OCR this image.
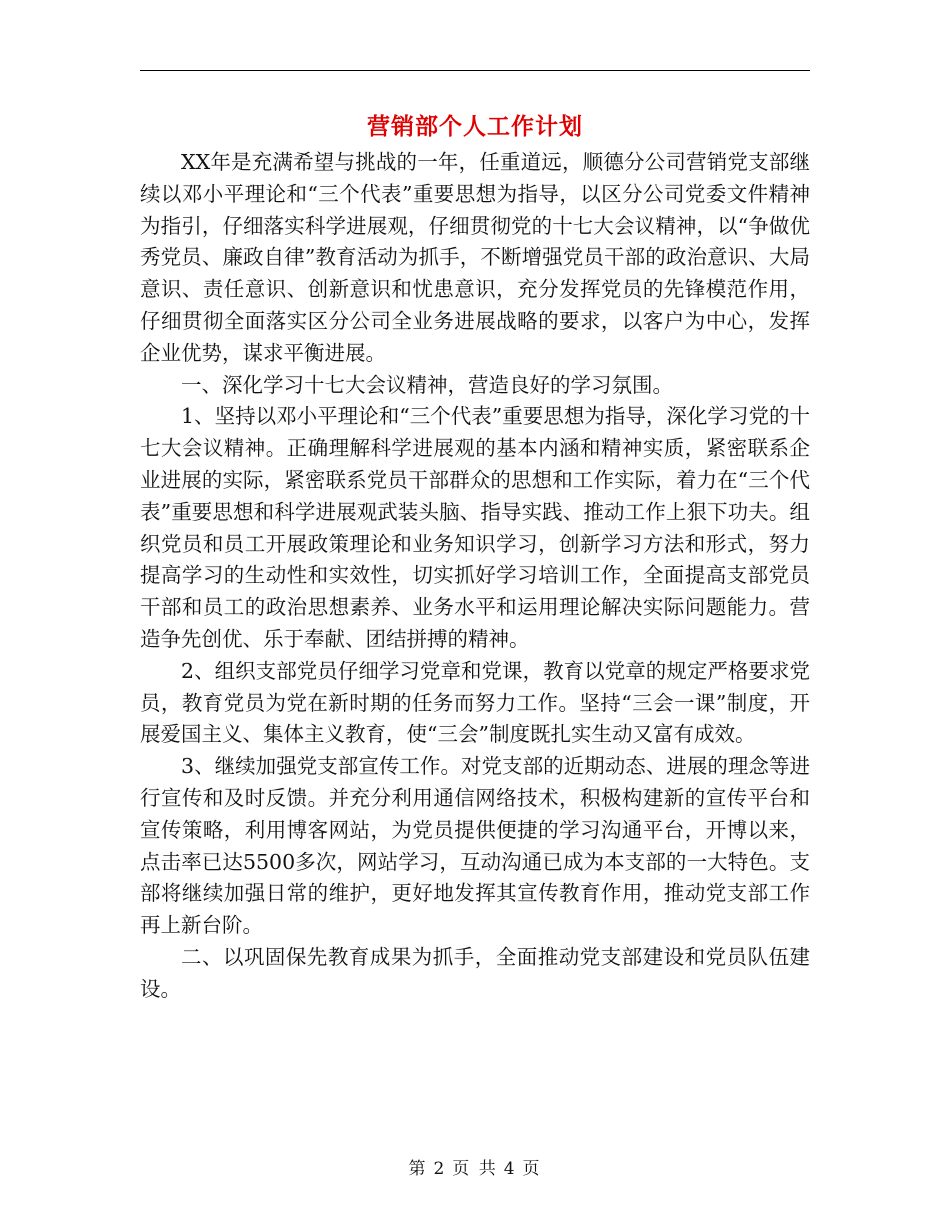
营销部个人工作计划

XX年是充满希望与挑战的一年，任重道远，顺德分公司营销党支部继续以邓小平理论和“三个代表”重要思想为指导，以区分公司党委文件精神为指引，仔细落实科学进展观，仔细贯彻党的十七大会议精神，以“争做优秀党员、廉政自律”教育活动为抓手，不断增强党员干部的政治意识、大局意识、责任意识、创新意识和忧患意识，充分发挥党员的先锋模范作用，仔细贯彻全面落实区分公司全业务进展战略的要求，以客户为中心，发挥企业优势，谋求平衡进展。

一、深化学习十七大会议精神，营造良好的学习氛围。

1、坚持以邓小平理论和“三个代表”重要思想为指导，深化学习党的十七大会议精神。正确理解科学进展观的基本内涵和精神实质，紧密联系企业进展的实际，紧密联系党员干部群众的思想和工作实际，着力在“三个代表”重要思想和科学进展观武装头脑、指导实践、推动工作上狠下功夫。组织党员和员工开展政策理论和业务知识学习，创新学习方法和形式，努力提高学习的生动性和实效性，切实抓好学习培训工作，全面提高支部党员干部和员工的政治思想素养、业务水平和运用理论解决实际问题能力。营造争先创优、乐于奉献、团结拼搏的精神。

2、组织支部党员仔细学习党章和党课，教育以党章的规定严格要求党员，教育党员为党在新时期的任务而努力工作。坚持“三会一课”制度，开展爱国主义、集体主义教育，使“三会”制度既扎实生动又富有成效。

3、继续加强党支部宣传工作。对党支部的近期动态、进展的理念等进行宣传和及时反馈。并充分利用通信网络技术，积极构建新的宣传平台和宣传策略，利用博客网站，为党员提供便捷的学习沟通平台，开博以来，点击率已达5500多次，网站学习，互动沟通已成为本支部的一大特色。支部将继续加强日常的维护，更好地发挥其宣传教育作用，推动党支部工作再上新台阶。

二、以巩固保先教育成果为抓手，全面推动党支部建设和党员队伍建设。

第 2 页 共 4 页
